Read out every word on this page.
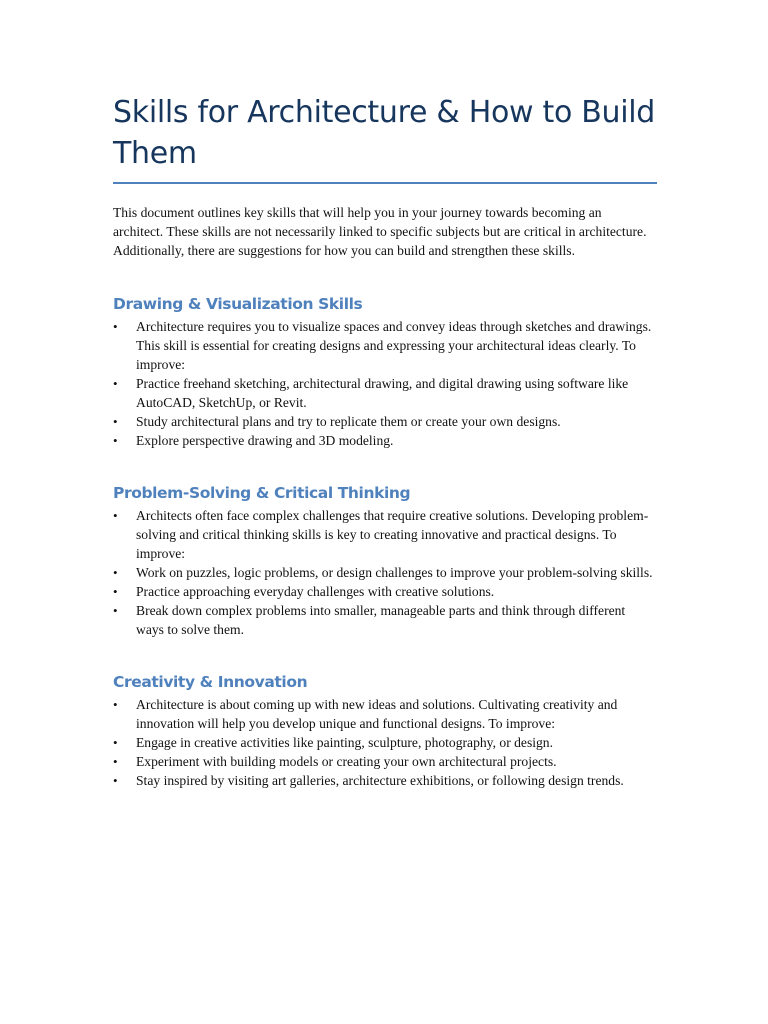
Skills for Architecture & How to Build Them

This document outlines key skills that will help you in your journey towards becoming an architect. These skills are not necessarily linked to specific subjects but are critical in architecture. Additionally, there are suggestions for how you can build and strengthen these skills.

Drawing & Visualization Skills
• Architecture requires you to visualize spaces and convey ideas through sketches and drawings. This skill is essential for creating designs and expressing your architectural ideas clearly. To improve:
• Practice freehand sketching, architectural drawing, and digital drawing using software like AutoCAD, SketchUp, or Revit.
• Study architectural plans and try to replicate them or create your own designs.
• Explore perspective drawing and 3D modeling.
Problem-Solving & Critical Thinking
• Architects often face complex challenges that require creative solutions. Developing problem-solving and critical thinking skills is key to creating innovative and practical designs. To improve:
• Work on puzzles, logic problems, or design challenges to improve your problem-solving skills.
• Practice approaching everyday challenges with creative solutions.
• Break down complex problems into smaller, manageable parts and think through different ways to solve them.
Creativity & Innovation
• Architecture is about coming up with new ideas and solutions. Cultivating creativity and innovation will help you develop unique and functional designs. To improve:
• Engage in creative activities like painting, sculpture, photography, or design.
• Experiment with building models or creating your own architectural projects.
• Stay inspired by visiting art galleries, architecture exhibitions, or following design trends.
